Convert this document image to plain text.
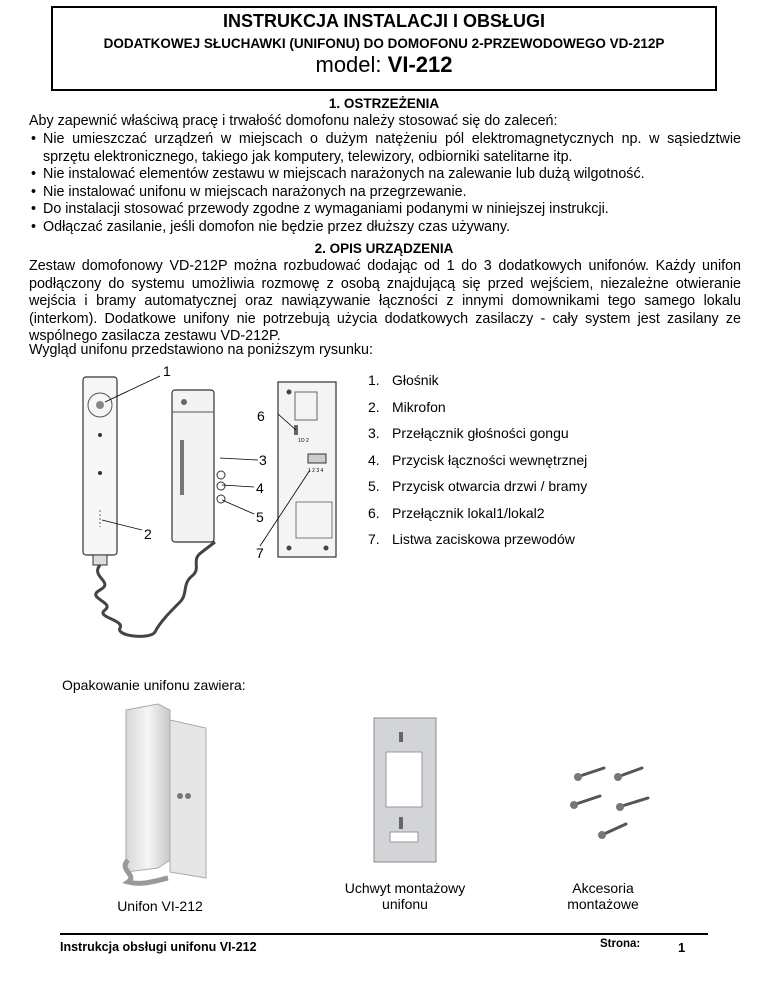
INSTRUKCJA INSTALACJI I OBSŁUGI
DODATKOWEJ SŁUCHAWKI (UNIFONU) DO DOMOFONU 2-PRZEWODOWEGO VD-212P
model: VI-212
1. OSTRZEŻENIA
Aby zapewnić właściwą pracę i trwałość domofonu należy stosować się do zaleceń:
• Nie umieszczać urządzeń w miejscach o dużym natężeniu pól elektromagnetycznych np. w sąsiedztwie sprzętu elektronicznego, takiego jak komputery, telewizory, odbiorniki satelitarne itp.
• Nie instalować elementów zestawu w miejscach narażonych na zalewanie lub dużą wilgotność.
• Nie instalować unifonu w miejscach narażonych na przegrzewanie.
• Do instalacji stosować przewody zgodne z wymaganiami podanymi w niniejszej instrukcji.
• Odłączać zasilanie, jeśli domofon nie będzie przez dłuższy czas używany.
2. OPIS URZĄDZENIA
Zestaw domofonowy VD-212P można rozbudować dodając od 1 do 3 dodatkowych unifonów. Każdy unifon podłączony do systemu umożliwia rozmowę z osobą znajdującą się przed wejściem, niezależne otwieranie wejścia i bramy automatycznej oraz nawiązywanie łączności z innymi domownikami tego samego lokalu (interkom). Dodatkowe unifony nie potrzebują użycia dodatkowych zasilaczy - cały system jest zasilany ze wspólnego zasilacza zestawu VD-212P.
Wygląd unifonu przedstawiono na poniższym rysunku:
1O 2
1 2 3 4
1
2
3
4
5
6
7
1. Głośnik
2. Mikrofon
3. Przełącznik głośności gongu
4. Przycisk łączności wewnętrznej
5. Przycisk otwarcia drzwi / bramy
6. Przełącznik lokal1/lokal2
7. Listwa zaciskowa przewodów
Opakowanie unifonu zawiera:
Unifon VI-212
Uchwyt montażowy unifonu
Akcesoria montażowe
Instrukcja obsługi unifonu VI-212	Strona:	1
